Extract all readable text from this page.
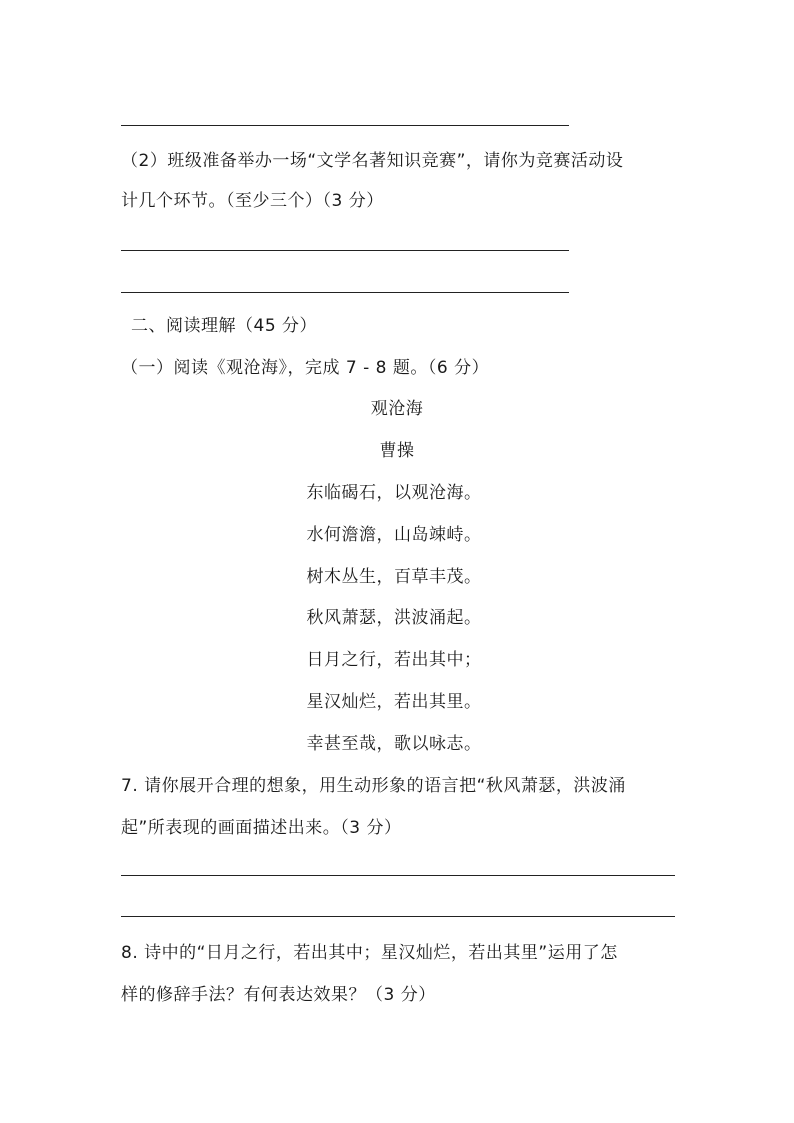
（2）班级准备举办一场“文学名著知识竞赛”，请你为竞赛活动设
计几个环节。（至少三个）（3 分）
二、阅读理解（45 分）
（一）阅读《观沧海》，完成 7 - 8 题。（6 分）
观沧海
曹操
东临碣石，以观沧海。
水何澹澹，山岛竦峙。
树木丛生，百草丰茂。
秋风萧瑟，洪波涌起。
日月之行，若出其中；
星汉灿烂，若出其里。
幸甚至哉，歌以咏志。
7. 请你展开合理的想象，用生动形象的语言把“秋风萧瑟，洪波涌
起”所表现的画面描述出来。（3 分）
8. 诗中的“日月之行，若出其中；星汉灿烂，若出其里”运用了怎
样的修辞手法？有何表达效果？（3 分）
